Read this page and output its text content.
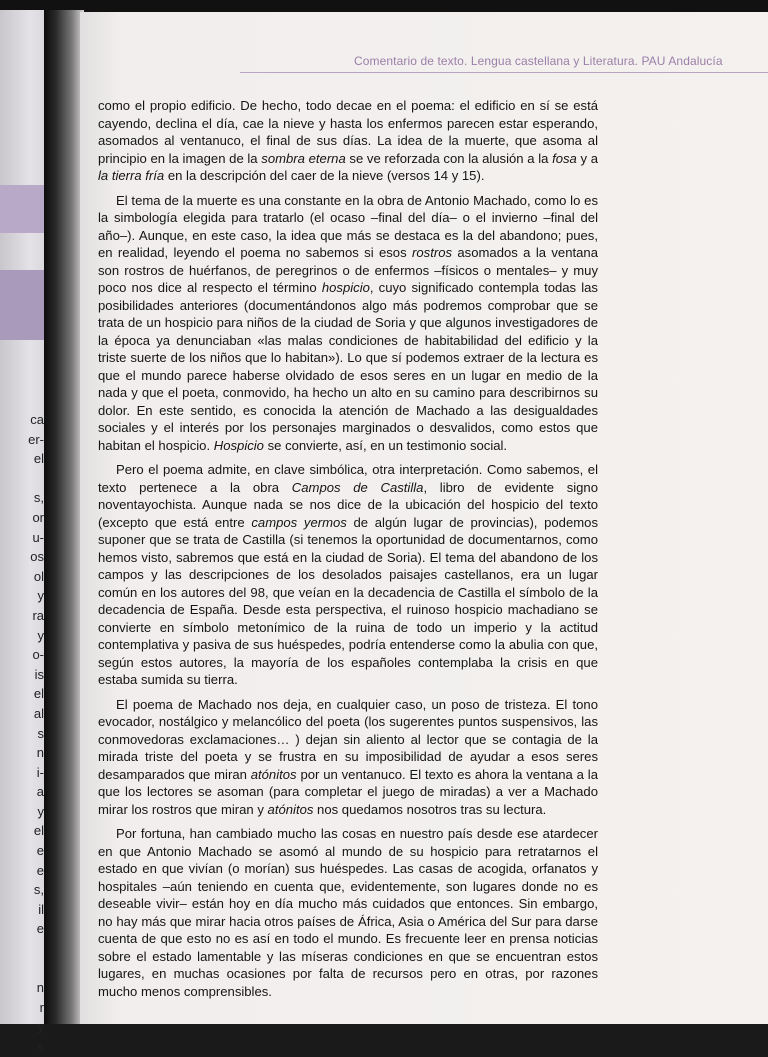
ca
er-
el
s,
or
u-
os
ol
y
ra
y
o-
is
el
al
s
n
i-
a
y
el
e
e
s,
il
e
n
r
y
s
Comentario de texto. Lengua castellana y Literatura. PAU Andalucía

como el propio edificio. De hecho, todo decae en el poema: el edificio en sí se está cayendo, declina el día, cae la nieve y hasta los enfermos parecen estar esperando, asomados al ventanuco, el final de sus días. La idea de la muerte, que asoma al principio en la imagen de la sombra eterna se ve reforzada con la alusión a la fosa y a la tierra fría en la descripción del caer de la nieve (versos 14 y 15).

El tema de la muerte es una constante en la obra de Antonio Machado, como lo es la simbología elegida para tratarlo (el ocaso –final del día– o el invierno –final del año–). Aunque, en este caso, la idea que más se destaca es la del abandono; pues, en realidad, leyendo el poema no sabemos si esos rostros asomados a la ventana son rostros de huérfanos, de peregrinos o de enfermos –físicos o mentales– y muy poco nos dice al respecto el término hospicio, cuyo significado contempla todas las posibilidades anteriores (documentándonos algo más podremos comprobar que se trata de un hospicio para niños de la ciudad de Soria y que algunos investigadores de la época ya denunciaban «las malas condiciones de habitabilidad del edificio y la triste suerte de los niños que lo habitan»). Lo que sí podemos extraer de la lectura es que el mundo parece haberse olvidado de esos seres en un lugar en medio de la nada y que el poeta, conmovido, ha hecho un alto en su camino para describirnos su dolor. En este sentido, es conocida la atención de Machado a las desigualdades sociales y el interés por los personajes marginados o desvalidos, como estos que habitan el hospicio. Hospicio se convierte, así, en un testimonio social.

Pero el poema admite, en clave simbólica, otra interpretación. Como sabemos, el texto pertenece a la obra Campos de Castilla, libro de evidente signo noventayochista. Aunque nada se nos dice de la ubicación del hospicio del texto (excepto que está entre campos yermos de algún lugar de provincias), podemos suponer que se trata de Castilla (si tenemos la oportunidad de documentarnos, como hemos visto, sabremos que está en la ciudad de Soria). El tema del abandono de los campos y las descripciones de los desolados paisajes castellanos, era un lugar común en los autores del 98, que veían en la decadencia de Castilla el símbolo de la decadencia de España. Desde esta perspectiva, el ruinoso hospicio machadiano se convierte en símbolo metonímico de la ruina de todo un imperio y la actitud contemplativa y pasiva de sus huéspedes, podría entenderse como la abulia con que, según estos autores, la mayoría de los españoles contemplaba la crisis en que estaba sumida su tierra.

El poema de Machado nos deja, en cualquier caso, un poso de tristeza. El tono evocador, nostálgico y melancólico del poeta (los sugerentes puntos suspensivos, las conmovedoras exclamaciones… ) dejan sin aliento al lector que se contagia de la mirada triste del poeta y se frustra en su imposibilidad de ayudar a esos seres desamparados que miran atónitos por un ventanuco. El texto es ahora la ventana a la que los lectores se asoman (para completar el juego de miradas) a ver a Machado mirar los rostros que miran y atónitos nos quedamos nosotros tras su lectura.

Por fortuna, han cambiado mucho las cosas en nuestro país desde ese atardecer en que Antonio Machado se asomó al mundo de su hospicio para retratarnos el estado en que vivían (o morían) sus huéspedes. Las casas de acogida, orfanatos y hospitales –aún teniendo en cuenta que, evidentemente, son lugares donde no es deseable vivir– están hoy en día mucho más cuidados que entonces. Sin embargo, no hay más que mirar hacia otros países de África, Asia o América del Sur para darse cuenta de que esto no es así en todo el mundo. Es frecuente leer en prensa noticias sobre el estado lamentable y las míseras condiciones en que se encuentran estos lugares, en muchas ocasiones por falta de recursos pero en otras, por razones mucho menos comprensibles.
